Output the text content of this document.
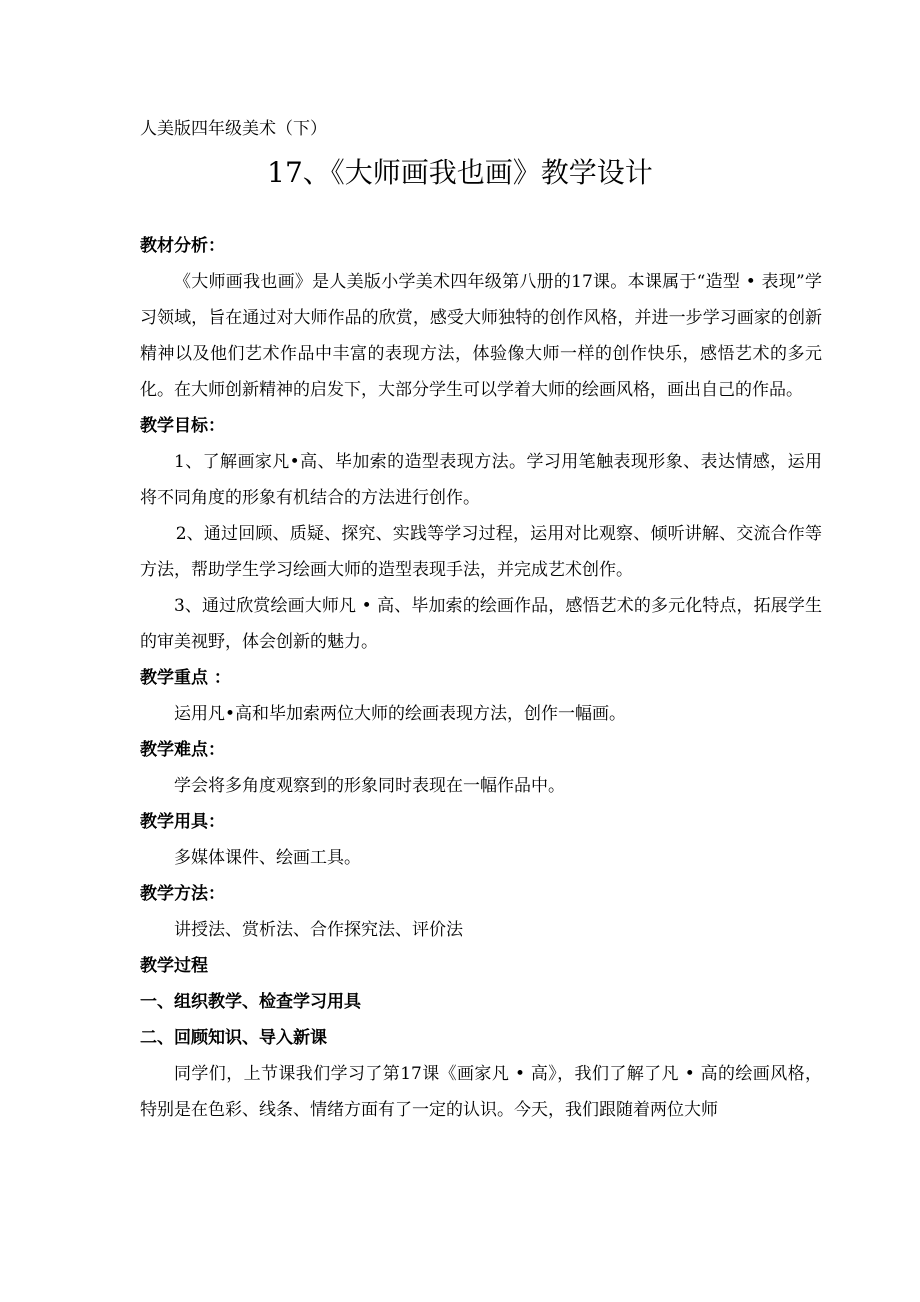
人美版四年级美术（下）
17、《大师画我也画》教学设计
教材分析：
《大师画我也画》是人美版小学美术四年级第八册的17课。本课属于“造型 • 表现”学习领域，旨在通过对大师作品的欣赏，感受大师独特的创作风格，并进一步学习画家的创新精神以及他们艺术作品中丰富的表现方法，体验像大师一样的创作快乐，感悟艺术的多元化。在大师创新精神的启发下，大部分学生可以学着大师的绘画风格，画出自己的作品。
教学目标：
1、了解画家凡•高、毕加索的造型表现方法。学习用笔触表现形象、表达情感，运用将不同角度的形象有机结合的方法进行创作。
2、通过回顾、质疑、探究、实践等学习过程，运用对比观察、倾听讲解、交流合作等方法，帮助学生学习绘画大师的造型表现手法，并完成艺术创作。
3、通过欣赏绘画大师凡 • 高、毕加索的绘画作品，感悟艺术的多元化特点，拓展学生的审美视野，体会创新的魅力。
教学重点 ：
运用凡•高和毕加索两位大师的绘画表现方法，创作一幅画。
教学难点：
学会将多角度观察到的形象同时表现在一幅作品中。
教学用具：
多媒体课件、绘画工具。
教学方法：
讲授法、赏析法、合作探究法、评价法
教学过程
一、组织教学、检查学习用具
二、回顾知识、导入新课
同学们，上节课我们学习了第17课《画家凡 • 高》，我们了解了凡 • 高的绘画风格，特别是在色彩、线条、情绪方面有了一定的认识。今天，我们跟随着两位大师
